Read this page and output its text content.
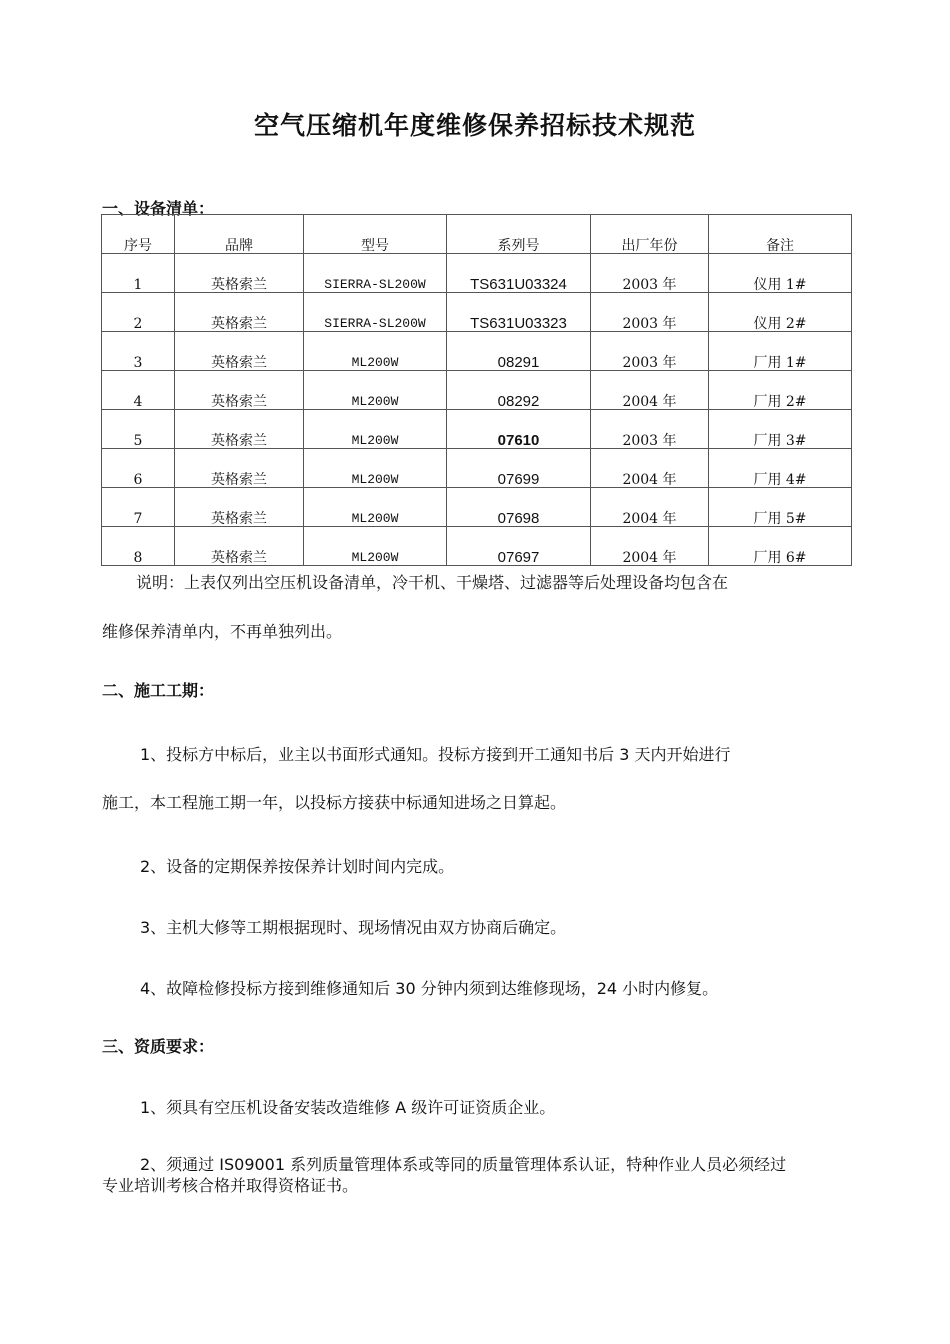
空气压缩机年度维修保养招标技术规范
一、设备清单：
序号	品牌	型号	系列号	出厂年份	备注
1	英格索兰	SIERRA-SL200W	TS631U03324	2003 年	仪用 1#
2	英格索兰	SIERRA-SL200W	TS631U03323	2003 年	仪用 2#
3	英格索兰	ML200W	08291	2003 年	厂用 1#
4	英格索兰	ML200W	08292	2004 年	厂用 2#
5	英格索兰	ML200W	07610	2003 年	厂用 3#
6	英格索兰	ML200W	07699	2004 年	厂用 4#
7	英格索兰	ML200W	07698	2004 年	厂用 5#
8	英格索兰	ML200W	07697	2004 年	厂用 6#
说明：上表仅列出空压机设备清单，冷干机、干燥塔、过滤器等后处理设备均包含在
维修保养清单内，不再单独列出。
二、施工工期：
1、投标方中标后，业主以书面形式通知。投标方接到开工通知书后 3 天内开始进行
施工，本工程施工期一年，以投标方接获中标通知进场之日算起。
2、设备的定期保养按保养计划时间内完成。
3、主机大修等工期根据现时、现场情况由双方协商后确定。
4、故障检修投标方接到维修通知后 30 分钟内须到达维修现场，24 小时内修复。
三、资质要求：
1、须具有空压机设备安装改造维修 A 级许可证资质企业。
2、须通过 IS09001 系列质量管理体系或等同的质量管理体系认证，特种作业人员必须经过
专业培训考核合格并取得资格证书。
